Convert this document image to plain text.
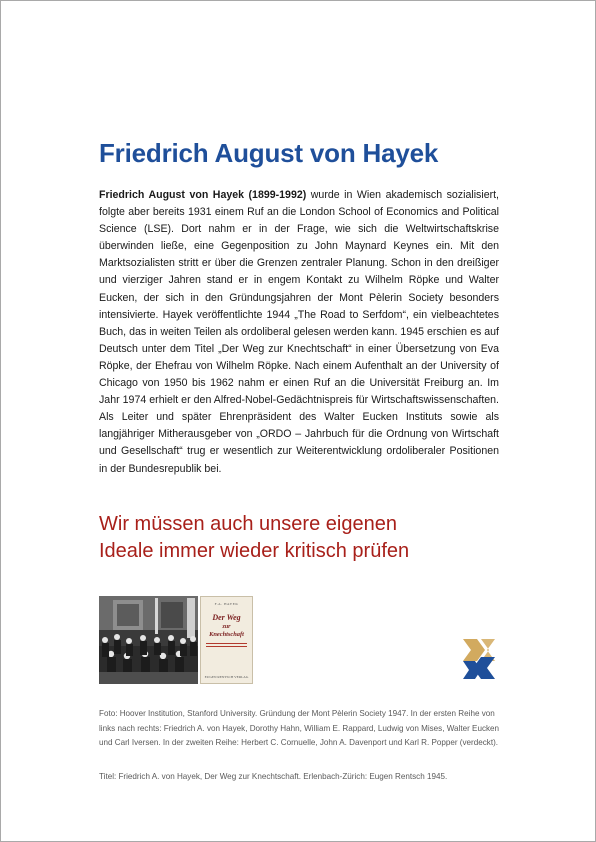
Friedrich August von Hayek

Friedrich August von Hayek (1899-1992) wurde in Wien akademisch sozialisiert, folgte aber bereits 1931 einem Ruf an die London School of Economics and Political Science (LSE). Dort nahm er in der Frage, wie sich die Weltwirtschaftskrise überwinden ließe, eine Gegenposition zu John Maynard Keynes ein. Mit den Marktsozialisten stritt er über die Grenzen zentraler Planung. Schon in den dreißiger und vierziger Jahren stand er in engem Kontakt zu Wilhelm Röpke und Walter Eucken, der sich in den Gründungsjahren der Mont Pèlerin Society besonders intensivierte. Hayek veröffentlichte 1944 „The Road to Serfdom“, ein vielbeachtetes Buch, das in weiten Teilen als ordoliberal gelesen werden kann. 1945 erschien es auf Deutsch unter dem Titel „Der Weg zur Knechtschaft“ in einer Übersetzung von Eva Röpke, der Ehefrau von Wilhelm Röpke. Nach einem Aufenthalt an der University of Chicago von 1950 bis 1962 nahm er einen Ruf an die Universität Freiburg an. Im Jahr 1974 erhielt er den Alfred-Nobel-Gedächtnispreis für Wirtschaftswissenschaften. Als Leiter und später Ehrenpräsident des Walter Eucken Instituts sowie als langjähriger Mitherausgeber von „ORDO – Jahrbuch für die Ordnung von Wirtschaft und Gesellschaft“ trug er wesentlich zur Weiterentwicklung ordoliberaler Positionen in der Bundesrepublik bei.

Wir müssen auch unsere eigenen
Ideale immer wieder kritisch prüfen

F.A. HAYEK
Der Weg
zur
Knechtschaft
EUGEN RENTSCH VERLAG

Foto: Hoover Institution, Stanford University. Gründung der Mont Pèlerin Society 1947. In der ersten Reihe von links nach rechts: Friedrich A. von Hayek, Dorothy Hahn, William E. Rappard, Ludwig von Mises, Walter Eucken und Carl Iversen. In der zweiten Reihe: Herbert C. Cornuelle, John A. Davenport und Karl R. Popper (verdeckt).

Titel: Friedrich A. von Hayek, Der Weg zur Knechtschaft. Erlenbach-Zürich: Eugen Rentsch 1945.
